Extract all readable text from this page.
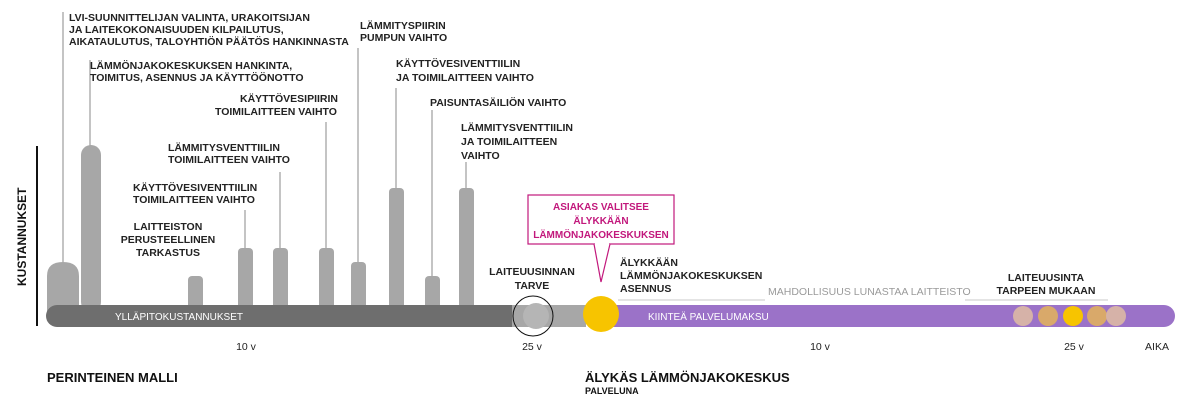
KUSTANNUKSET
YLLÄPITOKUSTANNUKSET	KIINTEÄ PALVELUMAKSU
MAHDOLLISUUS LUNASTAA LAITTEISTO
ASIAKAS VALITSEE
ÄLYKKÄÄN
LÄMMÖNJAKOKESKUKSEN
LVI-SUUNNITTELIJAN VALINTA, URAKOITSIJAN
JA LAITEKOKONAISUUDEN KILPAILUTUS,
AIKATAULUTUS, TALOYHTIÖN PÄÄTÖS HANKINNASTA
LÄMMÖNJAKOKESKUKSEN HANKINTA,
TOIMITUS, ASENNUS JA KÄYTTÖÖNOTTO
LAITTEISTON
PERUSTEELLINEN
TARKASTUS
KÄYTTÖVESIVENTTIILIN
TOIMILAITTEEN VAIHTO
LÄMMITYSVENTTIILIN
TOIMILAITTEEN VAIHTO
KÄYTTÖVESIPIIRIN
TOIMILAITTEEN VAIHTO
LÄMMITYSPIIRIN
PUMPUN VAIHTO
KÄYTTÖVESIVENTTIILIN
JA TOIMILAITTEEN VAIHTO
PAISUNTASÄILIÖN VAIHTO
LÄMMITYSVENTTIILIN
JA TOIMILAITTEEN
VAIHTO
LAITEUUSINNAN
TARVE
ÄLYKKÄÄN
LÄMMÖNJAKOKESKUKSEN
ASENNUS
LAITEUUSINTA
TARPEEN MUKAAN
10 v	25 v	10 v	25 v	AIKA
PERINTEINEN MALLI	ÄLYKÄS LÄMMÖNJAKOKESKUS
PALVELUNA
